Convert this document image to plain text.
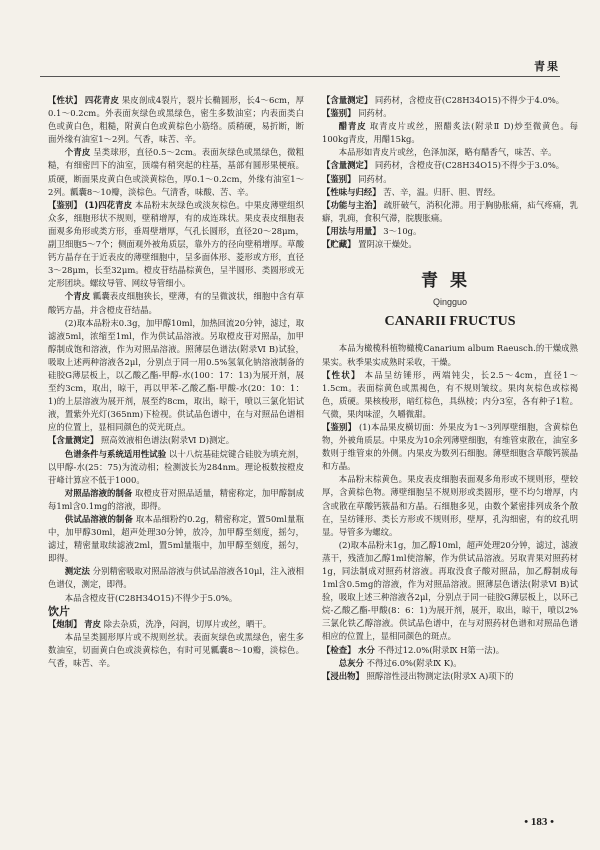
青果

【性状】 四花青皮 果皮剖成4裂片，裂片长椭圆形，长4～6cm，厚0.1～0.2cm。外表面灰绿色或黑绿色，密生多数油室；内表面类白色或黄白色，粗糙，附黄白色或黄棕色小筋络。质稍硬，易折断，断面外缘有油室1～2列。气香，味苦、辛。

个青皮 呈类球形，直径0.5～2cm。表面灰绿色或黑绿色，微粗糙，有细密凹下的油室，顶端有稍突起的柱基，基部有圆形果梗痕。质硬，断面果皮黄白色或淡黄棕色，厚0.1～0.2cm，外缘有油室1～2列。瓤囊8～10瓣，淡棕色。气清香，味酸、苦、辛。

【鉴别】 (1)四花青皮 本品粉末灰绿色或淡灰棕色。中果皮薄壁组织众多，细胞形状不规则，壁稍增厚，有的成连珠状。果皮表皮细胞表面观多角形或类方形，垂周壁增厚，气孔长圆形，直径20～28μm，副卫细胞5～7个；侧面观外被角质层，靠外方的径向壁稍增厚。草酸钙方晶存在于近表皮的薄壁细胞中，呈多面体形、菱形或方形，直径3～28μm，长至32μm。橙皮苷结晶棕黄色，呈半圆形、类圆形或无定形团块。螺纹导管、网纹导管细小。

个青皮 瓤囊表皮细胞狭长，壁薄，有的呈微波状，细胞中含有草酸钙方晶，并含橙皮苷结晶。

(2)取本品粉末0.3g，加甲醇10ml，加热回流20分钟，滤过，取滤液5ml，浓缩至1ml，作为供试品溶液。另取橙皮苷对照品，加甲醇制成饱和溶液，作为对照品溶液。照薄层色谱法(附录Ⅵ B)试验，吸取上述两种溶液各2μl，分别点于同一用0.5%氢氧化钠溶液制备的硅胶G薄层板上，以乙酸乙酯-甲醇-水(100：17：13)为展开剂，展至约3cm，取出，晾干，再以甲苯-乙酸乙酯-甲酸-水(20：10：1：1)的上层溶液为展开剂，展至约8cm，取出，晾干，喷以三氯化铝试液，置紫外光灯(365nm)下检视。供试品色谱中，在与对照品色谱相应的位置上，显相同颜色的荧光斑点。

【含量测定】 照高效液相色谱法(附录Ⅵ D)测定。

色谱条件与系统适用性试验 以十八烷基硅烷键合硅胶为填充剂，以甲醇-水(25：75)为流动相；检测波长为284nm。理论板数按橙皮苷峰计算应不低于1000。

对照品溶液的制备 取橙皮苷对照品适量，精密称定，加甲醇制成每1ml含0.1mg的溶液，即得。

供试品溶液的制备 取本品细粉约0.2g，精密称定，置50ml量瓶中，加甲醇30ml，超声处理30分钟，放冷，加甲醇至刻度，摇匀，滤过，精密量取续滤液2ml，置5ml量瓶中，加甲醇至刻度，摇匀，即得。

测定法 分别精密吸取对照品溶液与供试品溶液各10μl，注入液相色谱仪，测定，即得。

本品含橙皮苷(C28H34O15)不得少于5.0%。

饮片

【炮制】 青皮 除去杂质，洗净，闷润，切厚片或丝，晒干。

本品呈类圆形厚片或不规则丝状。表面灰绿色或黑绿色，密生多数油室，切面黄白色或淡黄棕色，有时可见瓤囊8～10瓣，淡棕色。气香，味苦、辛。

【含量测定】 同药材，含橙皮苷(C28H34O15)不得少于4.0%。

【鉴别】 同药材。

醋青皮 取青皮片或丝，照醋炙法(附录Ⅱ D)炒至微黄色。每100kg青皮，用醋15kg。

本品形如青皮片或丝，色泽加深，略有醋香气，味苦、辛。

【含量测定】 同药材，含橙皮苷(C28H34O15)不得少于3.0%。

【鉴别】 同药材。

【性味与归经】 苦、辛，温。归肝、胆、胃经。

【功能与主治】 疏肝破气，消积化滞。用于胸胁胀痛，疝气疼痛，乳癖，乳痈，食积气滞，脘腹胀痛。

【用法与用量】 3～10g。

【贮藏】 置阴凉干燥处。

青果
Qingguo
CANARII FRUCTUS

本品为橄榄科植物橄榄Canarium album Raeusch.的干燥成熟果实。秋季果实成熟时采收，干燥。

【性状】 本品呈纺锤形，两端钝尖，长2.5～4cm，直径1～1.5cm。表面棕黄色或黑褐色，有不规则皱纹。果肉灰棕色或棕褐色，质硬。果核梭形，暗红棕色，具纵棱；内分3室，各有种子1粒。气微，果肉味涩，久嚼微甜。

【鉴别】 (1)本品果皮横切面：外果皮为1～3列厚壁细胞，含黄棕色物，外被角质层。中果皮为10余列薄壁细胞，有维管束散在，油室多数则于维管束的外侧。内果皮为数列石细胞。薄壁细胞含草酸钙簇晶和方晶。

本品粉末棕黄色。果皮表皮细胞表面观多角形或不规则形，壁较厚，含黄棕色物。薄壁细胞呈不规则形或类圆形，壁不均匀增厚，内含或散在草酸钙簇晶和方晶。石细胞多见，由数个紧密排列成条个散在，呈纺锤形、类长方形或不规则形，壁厚，孔沟细密，有的纹孔明显。导管多为螺纹。

(2)取本品粉末1g，加乙醇10ml，超声处理20分钟，滤过，滤液蒸干，残渣加乙醇1ml使溶解，作为供试品溶液。另取青果对照药材1g，同法制成对照药材溶液。再取没食子酸对照品，加乙醇制成每1ml含0.5mg的溶液，作为对照品溶液。照薄层色谱法(附录Ⅵ B)试验，吸取上述三种溶液各2μl，分别点于同一硅胶G薄层板上，以环己烷-乙酸乙酯-甲酸(8：6：1)为展开剂，展开，取出，晾干，喷以2%三氯化铁乙醇溶液。供试品色谱中，在与对照药材色谱和对照品色谱相应的位置上，显相同颜色的斑点。

【检查】 水分 不得过12.0%(附录Ⅸ H第一法)。

总灰分 不得过6.0%(附录Ⅸ K)。

【浸出物】 照醇溶性浸出物测定法(附录Ⅹ A)项下的

• 183 •
